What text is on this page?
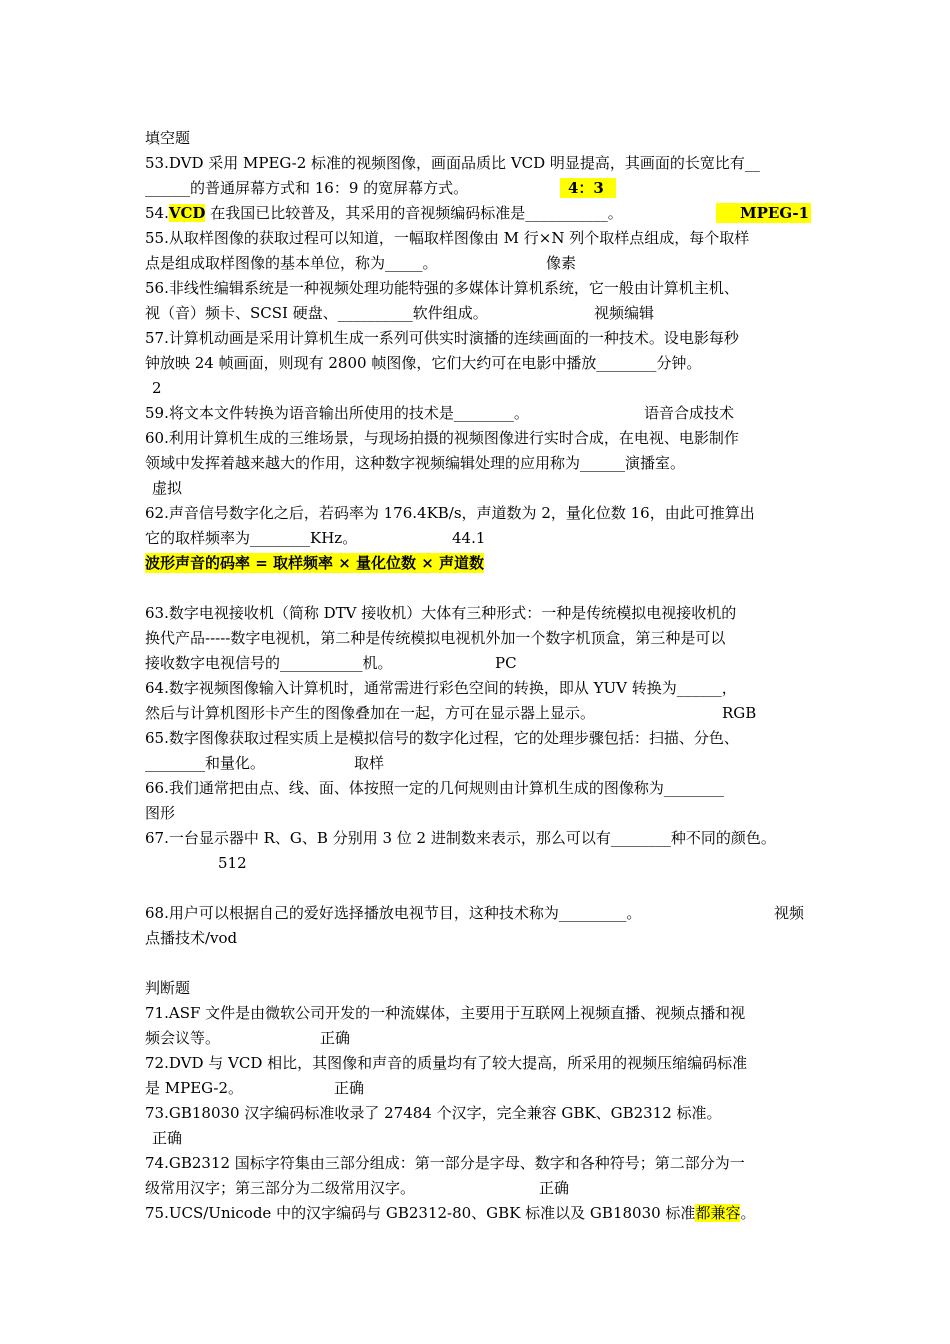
填空题
53.DVD 采用 MPEG-2 标准的视频图像，画面品质比 VCD 明显提高，其画面的长宽比有__
______的普通屏幕方式和 16：9 的宽屏幕方式。	4：3
54.VCD 在我国已比较普及，其采用的音视频编码标准是___________。	MPEG-1
55.从取样图像的获取过程可以知道，一幅取样图像由 M 行×N 列个取样点组成，每个取样
点是组成取样图像的基本单位，称为_____。	像素
56.非线性编辑系统是一种视频处理功能特强的多媒体计算机系统，它一般由计算机主机、
视（音）频卡、SCSI 硬盘、__________软件组成。	视频编辑
57.计算机动画是采用计算机生成一系列可供实时演播的连续画面的一种技术。设电影每秒
钟放映 24 帧画面，则现有 2800 帧图像，它们大约可在电影中播放________分钟。
2
59.将文本文件转换为语音输出所使用的技术是________。	语音合成技术
60.利用计算机生成的三维场景，与现场拍摄的视频图像进行实时合成，在电视、电影制作
领域中发挥着越来越大的作用，这种数字视频编辑处理的应用称为______演播室。
虚拟
62.声音信号数字化之后，若码率为 176.4KB/s，声道数为 2，量化位数 16，由此可推算出
它的取样频率为________KHz。	44.1
波形声音的码率 = 取样频率 × 量化位数 × 声道数
63.数字电视接收机（简称 DTV 接收机）大体有三种形式：一种是传统模拟电视接收机的
换代产品-----数字电视机，第二种是传统模拟电视机外加一个数字机顶盒，第三种是可以
接收数字电视信号的___________机。	PC
64.数字视频图像输入计算机时，通常需进行彩色空间的转换，即从 YUV 转换为______，
然后与计算机图形卡产生的图像叠加在一起，方可在显示器上显示。	RGB
65.数字图像获取过程实质上是模拟信号的数字化过程，它的处理步骤包括：扫描、分色、
________和量化。	取样
66.我们通常把由点、线、面、体按照一定的几何规则由计算机生成的图像称为________
图形
67.一台显示器中 R、G、B 分别用 3 位 2 进制数来表示，那么可以有________种不同的颜色。
512
68.用户可以根据自己的爱好选择播放电视节目，这种技术称为_________。	视频
点播技术/vod
判断题
71.ASF 文件是由微软公司开发的一种流媒体，主要用于互联网上视频直播、视频点播和视
频会议等。	正确
72.DVD 与 VCD 相比，其图像和声音的质量均有了较大提高，所采用的视频压缩编码标准
是 MPEG-2。	正确
73.GB18030 汉字编码标准收录了 27484 个汉字，完全兼容 GBK、GB2312 标准。
正确
74.GB2312 国标字符集由三部分组成：第一部分是字母、数字和各种符号；第二部分为一
级常用汉字；第三部分为二级常用汉字。	正确
75.UCS/Unicode 中的汉字编码与 GB2312-80、GBK 标准以及 GB18030 标准都兼容。
